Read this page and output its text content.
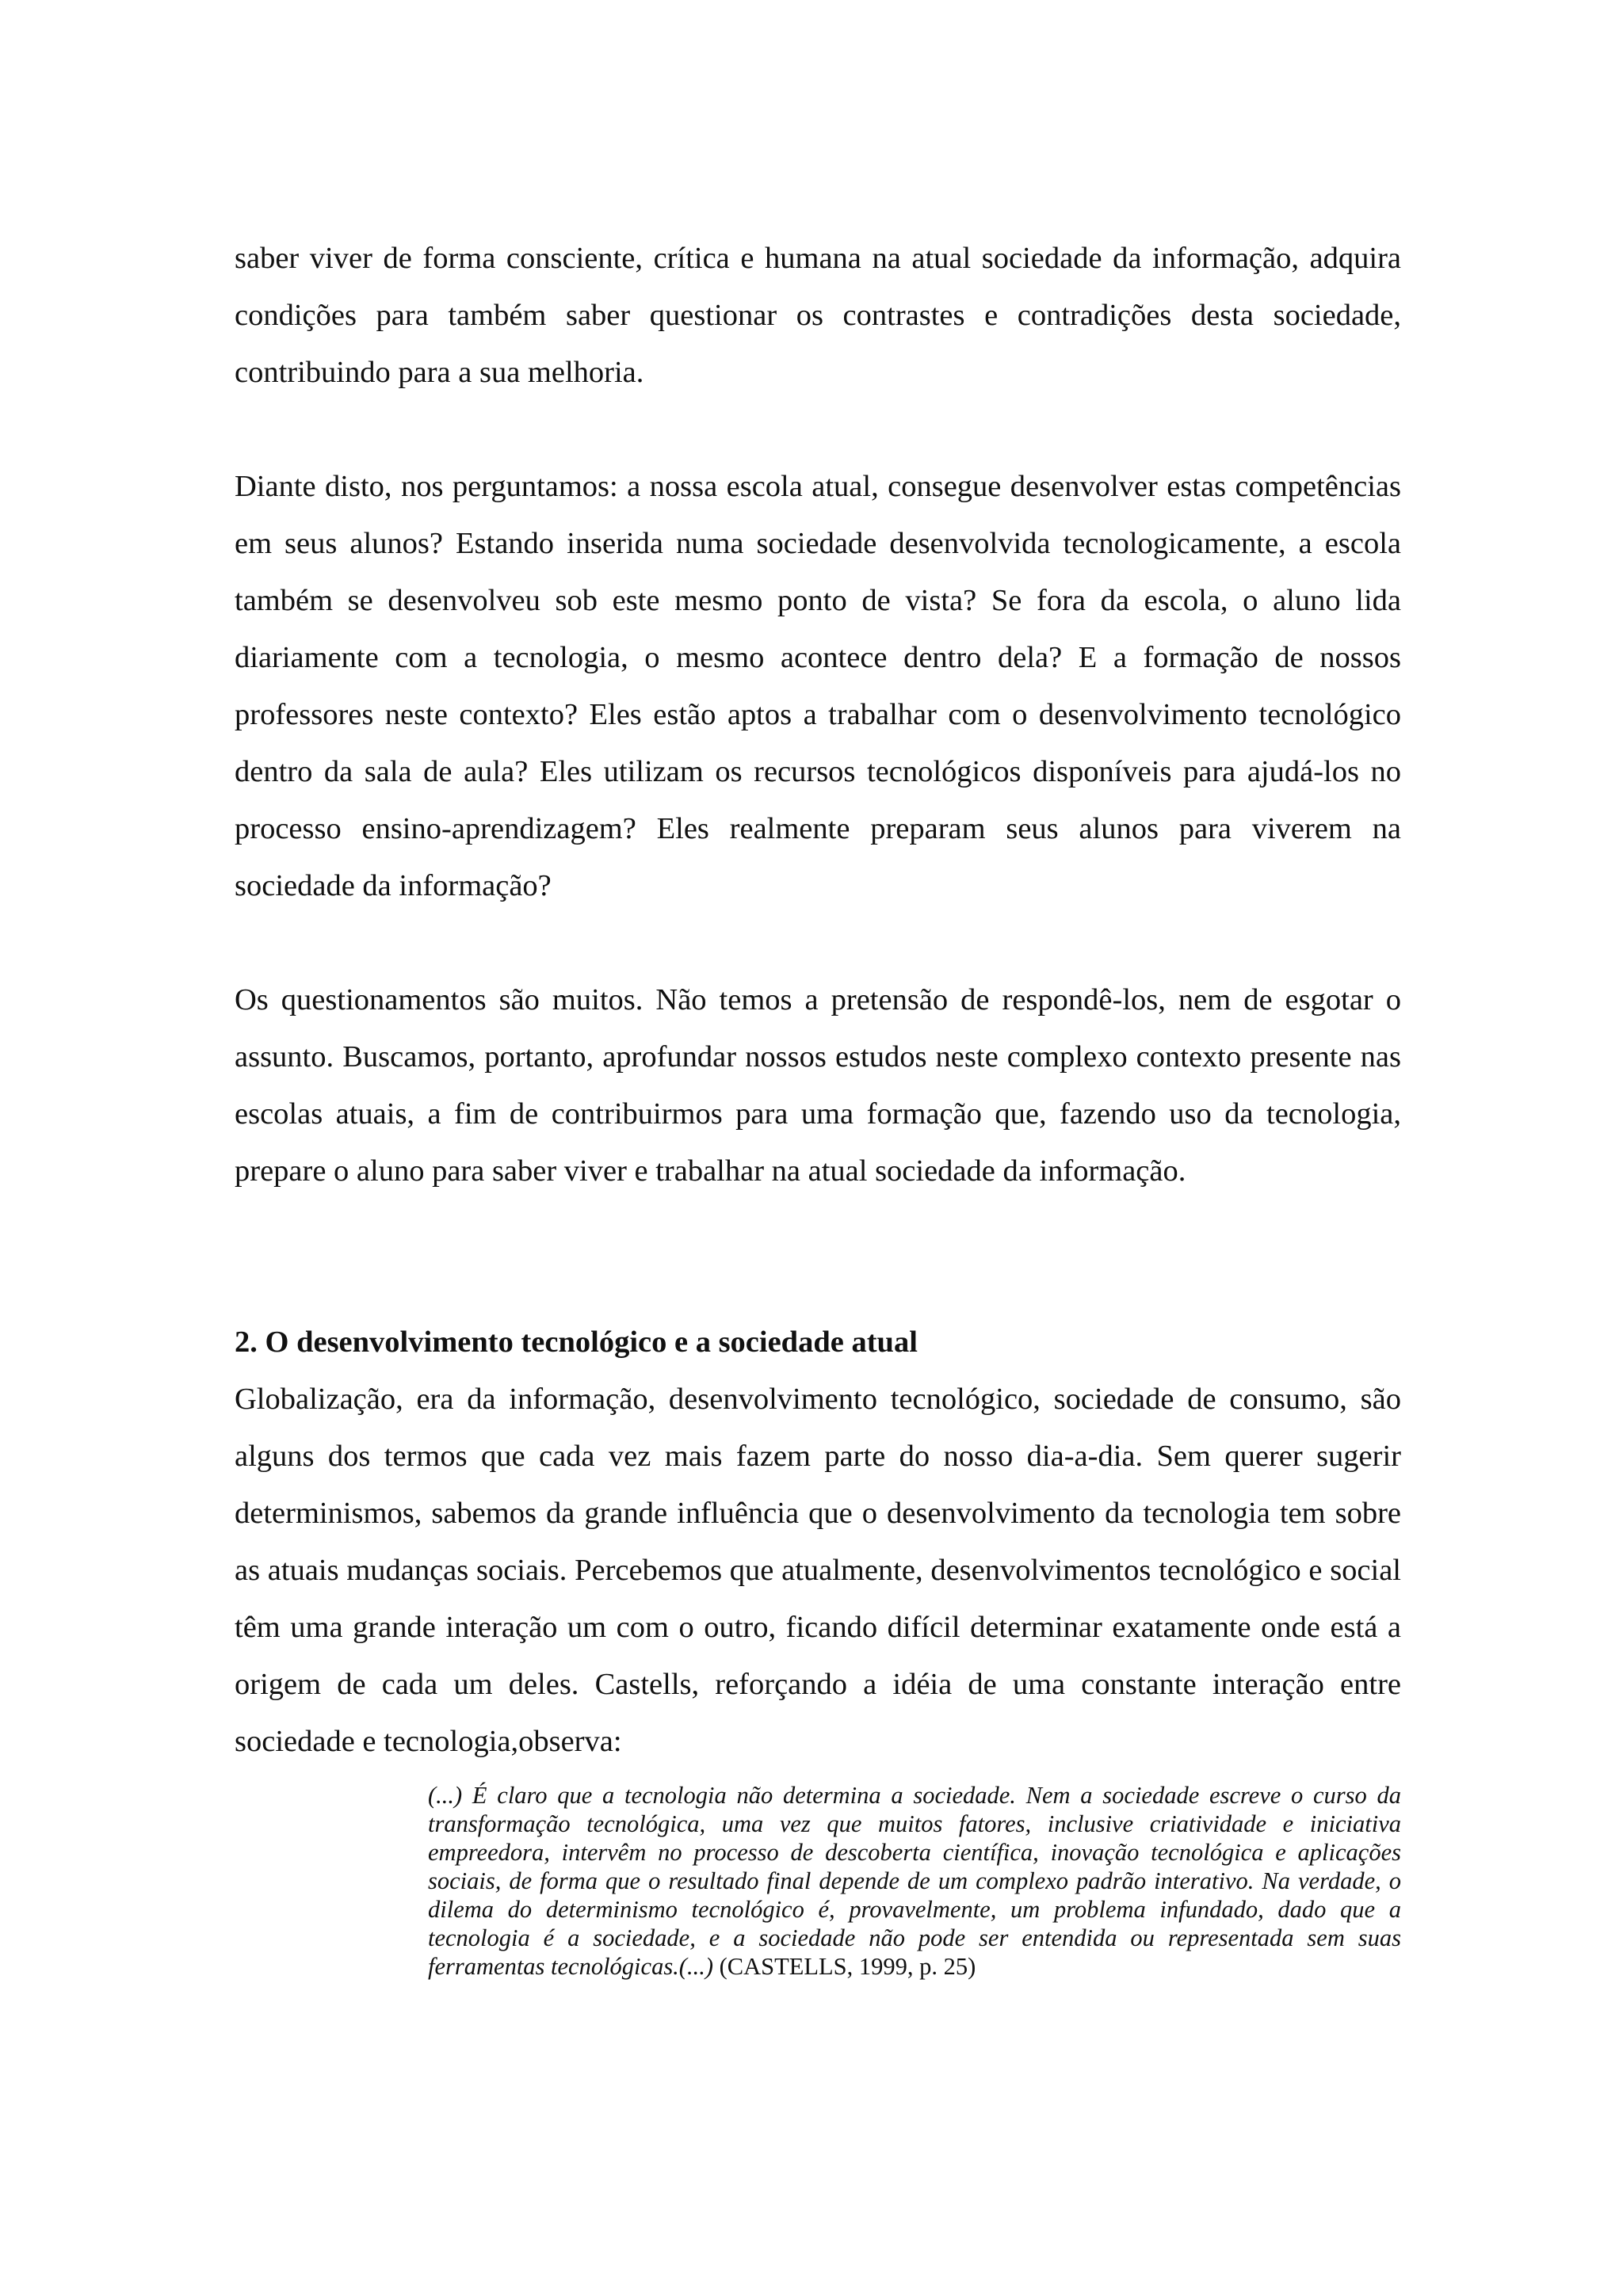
saber viver de forma consciente, crítica e humana na atual sociedade da informação, adquira condições para também saber questionar os contrastes e contradições desta sociedade, contribuindo para a sua melhoria.

Diante disto, nos perguntamos: a nossa escola atual, consegue desenvolver estas competências em seus alunos? Estando inserida numa sociedade desenvolvida tecnologicamente, a escola também se desenvolveu sob este mesmo ponto de vista? Se fora da escola, o aluno lida diariamente com a tecnologia, o mesmo acontece dentro dela? E a formação de nossos professores neste contexto? Eles estão aptos a trabalhar com o desenvolvimento tecnológico dentro da sala de aula? Eles utilizam os recursos tecnológicos disponíveis para ajudá-los no processo ensino-aprendizagem? Eles realmente preparam seus alunos para viverem na sociedade da informação?

Os questionamentos são muitos. Não temos a pretensão de respondê-los, nem de esgotar o assunto. Buscamos, portanto, aprofundar nossos estudos neste complexo contexto presente nas escolas atuais, a fim de contribuirmos para uma formação que, fazendo uso da tecnologia, prepare o aluno para saber viver e trabalhar na atual sociedade da informação.

2. O desenvolvimento tecnológico e a sociedade atual

Globalização, era da informação, desenvolvimento tecnológico, sociedade de consumo, são alguns dos termos que cada vez mais fazem parte do nosso dia-a-dia. Sem querer sugerir determinismos, sabemos da grande influência que o desenvolvimento da tecnologia tem sobre as atuais mudanças sociais. Percebemos que atualmente, desenvolvimentos tecnológico e social têm uma grande interação um com o outro, ficando difícil determinar exatamente onde está a origem de cada um deles. Castells, reforçando a idéia de uma constante interação entre sociedade e tecnologia,observa:

(...) É claro que a tecnologia não determina a sociedade. Nem a sociedade escreve o curso da transformação tecnológica, uma vez que muitos fatores, inclusive criatividade e iniciativa empreedora, intervêm no processo de descoberta científica, inovação tecnológica e aplicações sociais, de forma que o resultado final depende de um complexo padrão interativo. Na verdade, o dilema do determinismo tecnológico é, provavelmente, um problema infundado, dado que a tecnologia é a sociedade, e a sociedade não pode ser entendida ou representada sem suas ferramentas tecnológicas.(...) (CASTELLS, 1999, p. 25)
